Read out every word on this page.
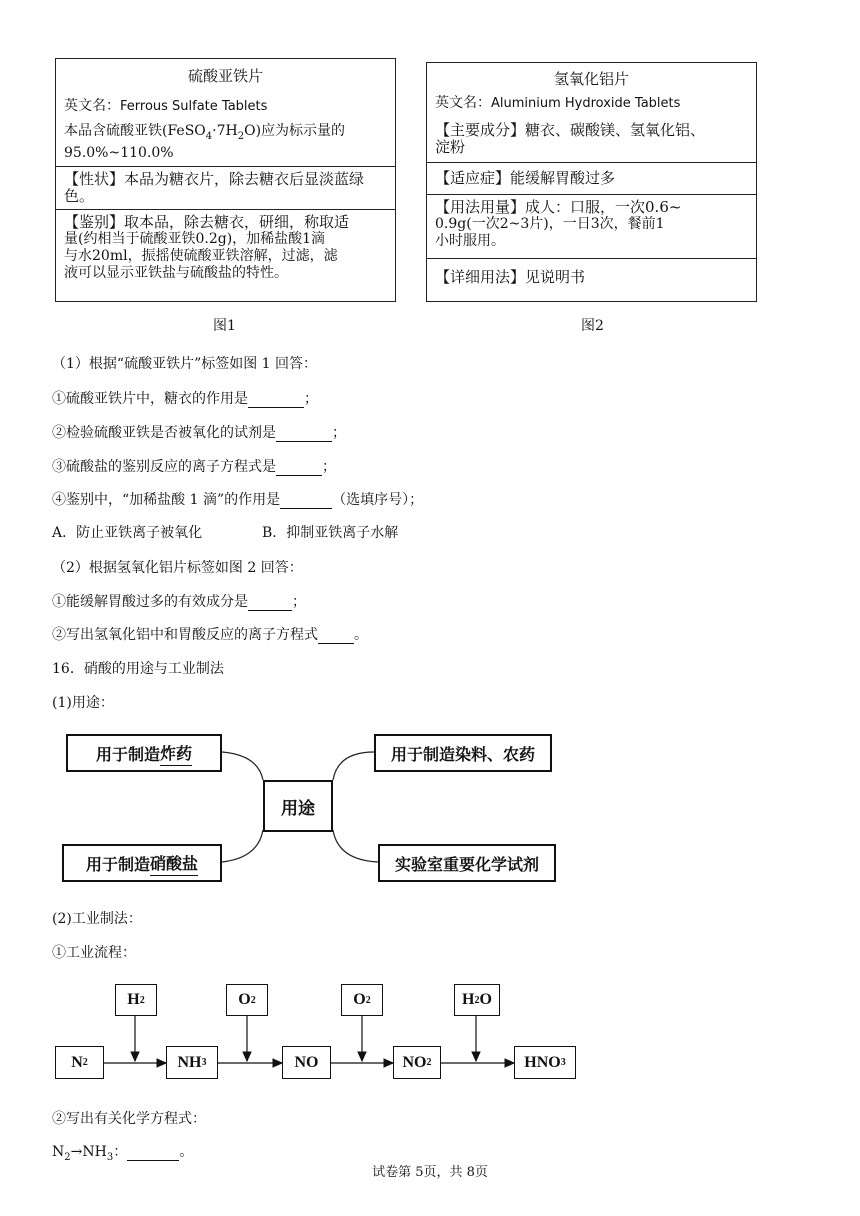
硫酸亚铁片
英文名：Ferrous Sulfate Tablets
本品含硫酸亚铁$(FeSO_4\cdot 7H_2O)$应为标示量的
95.0%~110.0%
【性状】本品为糖衣片，除去糖衣后显淡蓝绿
色。
【鉴别】取本品，除去糖衣，研细，称取适
量(约相当于硫酸亚铁0.2g)，加稀盐酸1滴
与水20ml，振摇使硫酸亚铁溶解，过滤，滤
液可以显示亚铁盐与硫酸盐的特性。
图1
氢氧化铝片
英文名：Aluminium Hydroxide Tablets
【主要成分】糖衣、碳酸镁、氢氧化铝、
淀粉
【适应症】能缓解胃酸过多
【用法用量】成人：口服，一次0.6~
0.9g(一次2~3片)，一日3次，餐前1
小时服用。
【详细用法】见说明书
图2
（1）根据“硫酸亚铁片”标签如图 1 回答：
①硫酸亚铁片中，糖衣的作用是	；
②检验硫酸亚铁是否被氧化的试剂是	；
③硫酸盐的鉴别反应的离子方程式是	；
④鉴别中，“加稀盐酸 1 滴”的作用是	（选填序号）；
A．防止亚铁离子被氧化	B．抑制亚铁离子水解
（2）根据氢氧化铝片标签如图 2 回答：
①能缓解胃酸过多的有效成分是	；
②写出氢氧化铝中和胃酸反应的离子方程式	。
16．硝酸的用途与工业制法
(1)用途：
用于制造 炸药	用于制造染料、农药
用途
用于制造 硝酸盐	实验室重要化学试剂
(2)工业制法：
①工业流程：
H 2	O 2	O 2	H 2 O
N 2	NH 3	NO	NO 2	HNO 3
②写出有关化学方程式：
$N_2\to NH_3$：	。
试卷第 5页，共 8页
